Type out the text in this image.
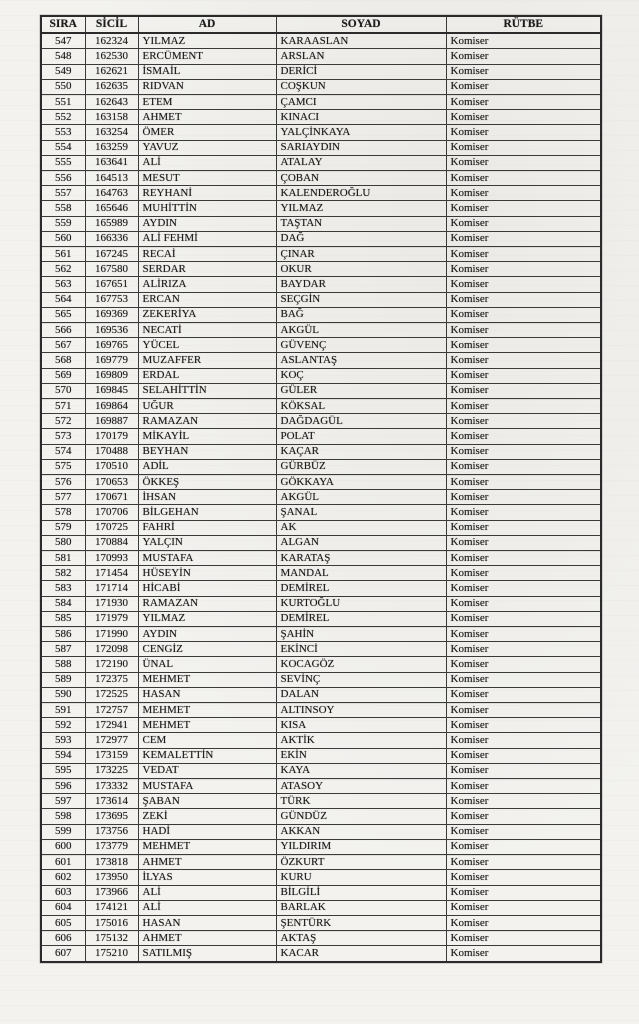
SIRA	SİCİL	AD	SOYAD	RÜTBE
547	162324	YILMAZ	KARAASLAN	Komiser
548	162530	ERCÜMENT	ARSLAN	Komiser
549	162621	İSMAİL	DERİCİ	Komiser
550	162635	RIDVAN	COŞKUN	Komiser
551	162643	ETEM	ÇAMCI	Komiser
552	163158	AHMET	KINACI	Komiser
553	163254	ÖMER	YALÇİNKAYA	Komiser
554	163259	YAVUZ	SARIAYDIN	Komiser
555	163641	ALİ	ATALAY	Komiser
556	164513	MESUT	ÇOBAN	Komiser
557	164763	REYHANİ	KALENDEROĞLU	Komiser
558	165646	MUHİTTİN	YILMAZ	Komiser
559	165989	AYDIN	TAŞTAN	Komiser
560	166336	ALİ FEHMİ	DAĞ	Komiser
561	167245	RECAİ	ÇINAR	Komiser
562	167580	SERDAR	OKUR	Komiser
563	167651	ALİRIZA	BAYDAR	Komiser
564	167753	ERCAN	SEÇGİN	Komiser
565	169369	ZEKERİYA	BAĞ	Komiser
566	169536	NECATİ	AKGÜL	Komiser
567	169765	YÜCEL	GÜVENÇ	Komiser
568	169779	MUZAFFER	ASLANTAŞ	Komiser
569	169809	ERDAL	KOÇ	Komiser
570	169845	SELAHİTTİN	GÜLER	Komiser
571	169864	UĞUR	KÖKSAL	Komiser
572	169887	RAMAZAN	DAĞDAGÜL	Komiser
573	170179	MİKAYİL	POLAT	Komiser
574	170488	BEYHAN	KAÇAR	Komiser
575	170510	ADİL	GÜRBÜZ	Komiser
576	170653	ÖKKEŞ	GÖKKAYA	Komiser
577	170671	İHSAN	AKGÜL	Komiser
578	170706	BİLGEHAN	ŞANAL	Komiser
579	170725	FAHRİ	AK	Komiser
580	170884	YALÇIN	ALGAN	Komiser
581	170993	MUSTAFA	KARATAŞ	Komiser
582	171454	HÜSEYİN	MANDAL	Komiser
583	171714	HİCABİ	DEMİREL	Komiser
584	171930	RAMAZAN	KURTOĞLU	Komiser
585	171979	YILMAZ	DEMİREL	Komiser
586	171990	AYDIN	ŞAHİN	Komiser
587	172098	CENGİZ	EKİNCİ	Komiser
588	172190	ÜNAL	KOCAGÖZ	Komiser
589	172375	MEHMET	SEVİNÇ	Komiser
590	172525	HASAN	DALAN	Komiser
591	172757	MEHMET	ALTINSOY	Komiser
592	172941	MEHMET	KISA	Komiser
593	172977	CEM	AKTİK	Komiser
594	173159	KEMALETTİN	EKİN	Komiser
595	173225	VEDAT	KAYA	Komiser
596	173332	MUSTAFA	ATASOY	Komiser
597	173614	ŞABAN	TÜRK	Komiser
598	173695	ZEKİ	GÜNDÜZ	Komiser
599	173756	HADİ	AKKAN	Komiser
600	173779	MEHMET	YILDIRIM	Komiser
601	173818	AHMET	ÖZKURT	Komiser
602	173950	İLYAS	KURU	Komiser
603	173966	ALİ	BİLGİLİ	Komiser
604	174121	ALİ	BARLAK	Komiser
605	175016	HASAN	ŞENTÜRK	Komiser
606	175132	AHMET	AKTAŞ	Komiser
607	175210	SATILMIŞ	KACAR	Komiser
